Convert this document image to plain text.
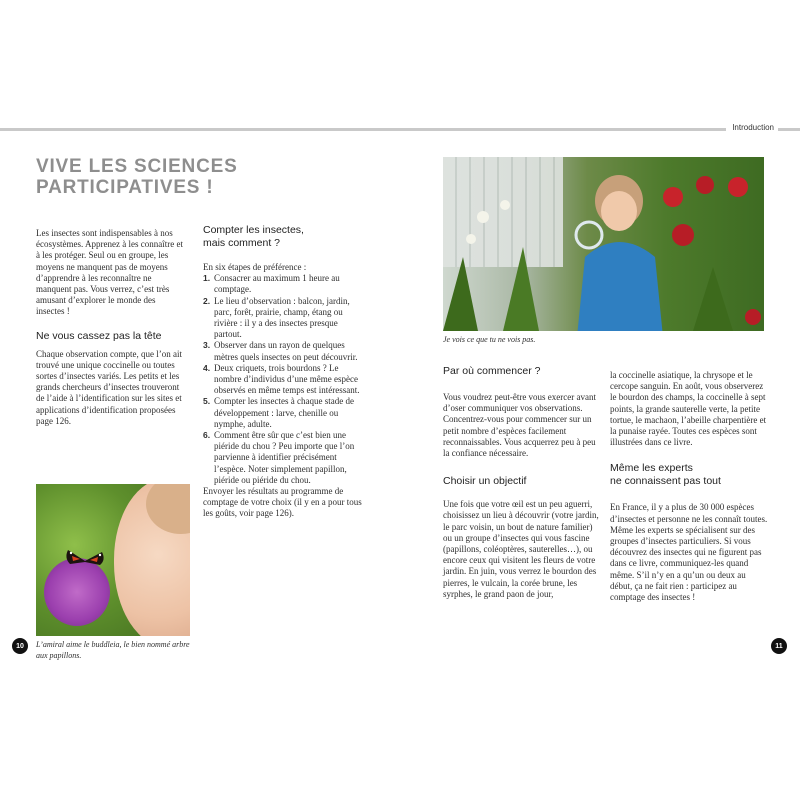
Introduction
VIVE LES SCIENCES
PARTICIPATIVES !

Les insectes sont indispensables à nos écosystèmes. Apprenez à les connaître et à les protéger. Seul ou en groupe, les moyens ne manquent pas de moyens d’apprendre à les reconnaître ne manquent pas. Vous verrez, c’est très amusant d’explorer le monde des insectes !

Ne vous cassez pas la tête

Chaque observation compte, que l’on ait trouvé une unique coccinelle ou toutes sortes d’insectes variés. Les petits et les grands chercheurs d’insectes trouveront de l’aide à l’identification sur les sites et applications d’identification proposées page 126.

Compter les insectes,
mais comment ?

En six étapes de préférence :

1. Consacrer au maximum 1 heure au comptage.
2. Le lieu d’observation : balcon, jardin, parc, forêt, prairie, champ, étang ou rivière : il y a des insectes presque partout.
3. Observer dans un rayon de quelques mètres quels insectes on peut découvrir.
4. Deux criquets, trois bourdons ? Le nombre d’individus d’une même espèce observés en même temps est intéressant.
5. Compter les insectes à chaque stade de développement : larve, chenille ou nymphe, adulte.
6. Comment être sûr que c’est bien une piéride du chou ? Peu importe que l’on parvienne à identifier précisément l’espèce. Noter simplement papillon, piéride ou piéride du chou.

Envoyer les résultats au programme de comptage de votre choix (il y en a pour tous les goûts, voir page 126).

L’amiral aime le buddleia, le bien nommé arbre aux papillons.
Je vois ce que tu ne vois pas.
Par où commencer ?

Vous voudrez peut-être vous exercer avant d’oser communiquer vos observations. Concentrez-vous pour commencer sur un petit nombre d’espèces facilement reconnaissables. Vous acquerrez peu à peu la confiance nécessaire.

Choisir un objectif

Une fois que votre œil est un peu aguerri, choisissez un lieu à découvrir (votre jardin, le parc voisin, un bout de nature familier) ou un groupe d’insectes qui vous fascine (papillons, coléoptères, sauterelles…), ou encore ceux qui visitent les fleurs de votre jardin. En juin, vous verrez le bourdon des pierres, le vulcain, la corée brune, les syrphes, le grand paon de jour,

la coccinelle asiatique, la chrysope et le cercope sanguin. En août, vous observerez le bourdon des champs, la coccinelle à sept points, la grande sauterelle verte, la petite tortue, le machaon, l’abeille charpentière et la punaise rayée. Toutes ces espèces sont illustrées dans ce livre.

Même les experts
ne connaissent pas tout

En France, il y a plus de 30 000 espèces d’insectes et personne ne les connaît toutes. Même les experts se spécialisent sur des groupes d’insectes particuliers. Si vous découvrez des insectes qui ne figurent pas dans ce livre, communiquez-les quand même. S’il n’y en a qu’un ou deux au début, ça ne fait rien : participez au comptage des insectes !

10	11
